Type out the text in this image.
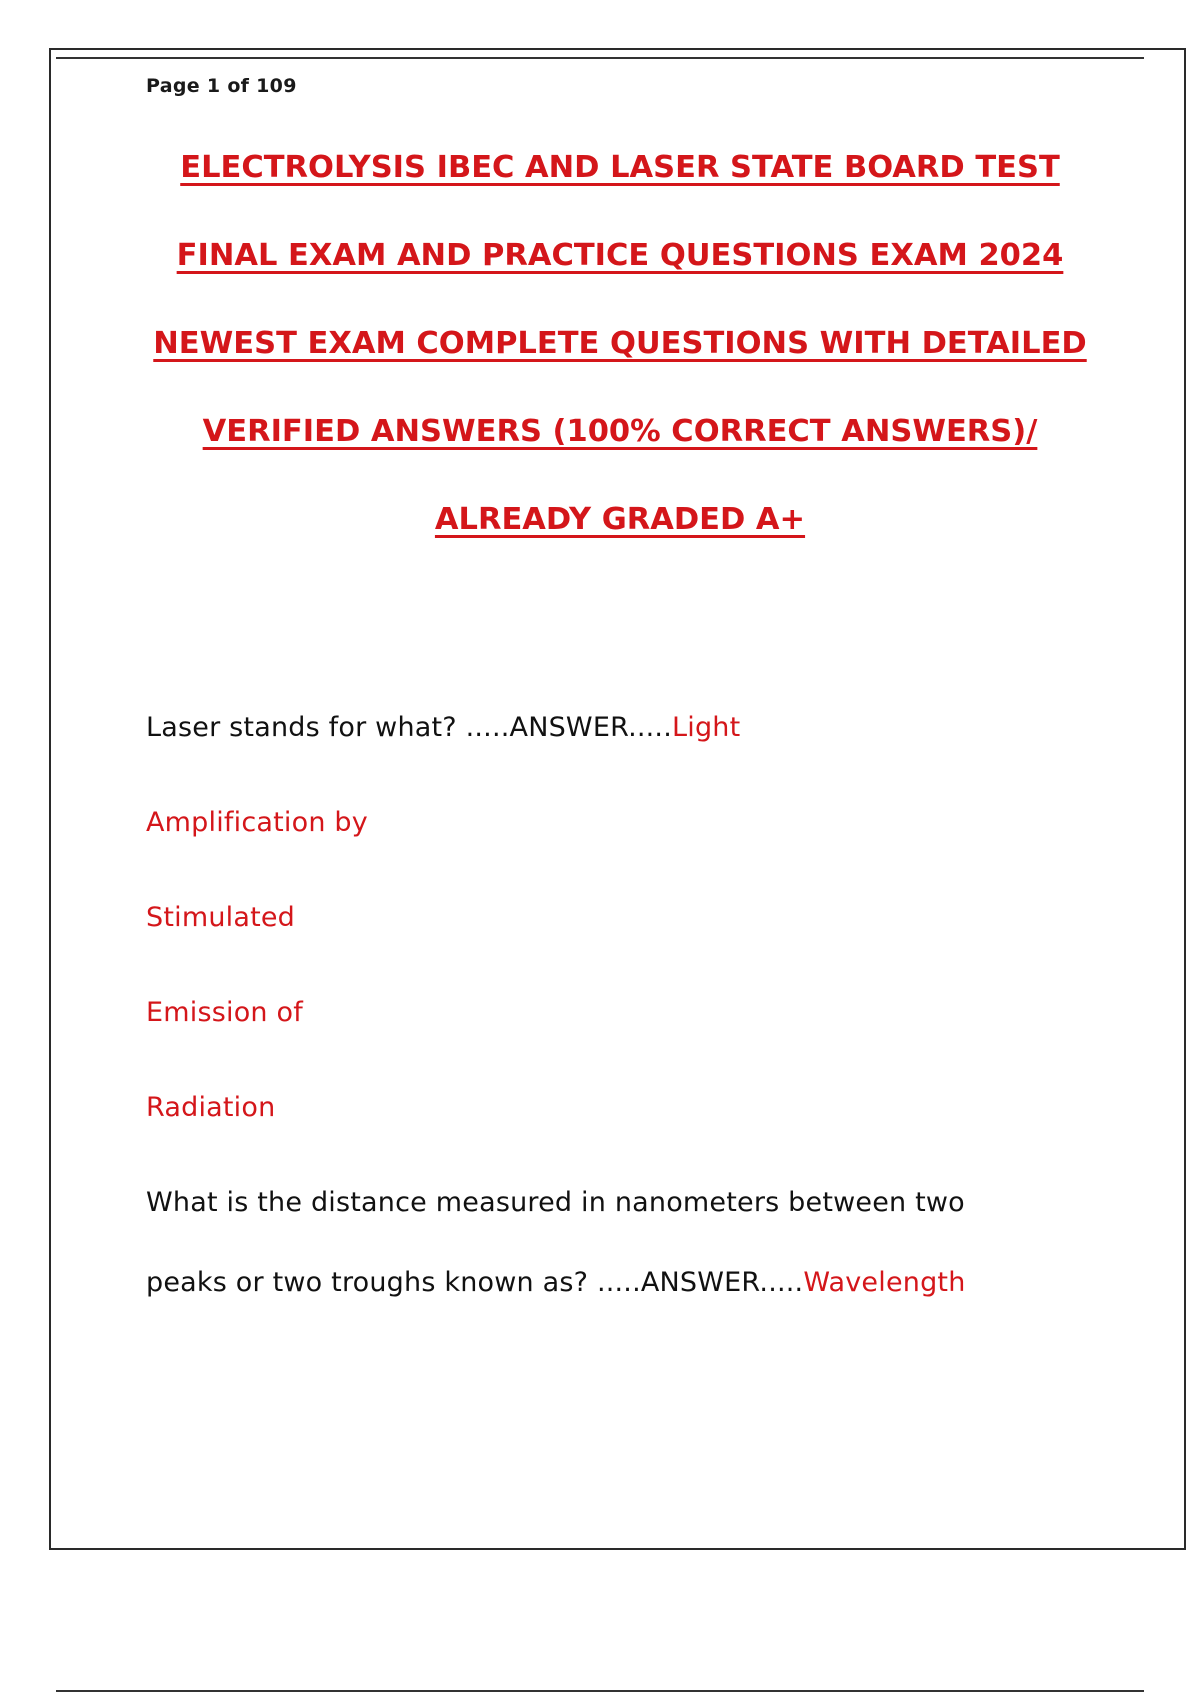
Page 1 of 109
ELECTROLYSIS IBEC AND LASER STATE BOARD TEST
FINAL EXAM AND PRACTICE QUESTIONS EXAM 2024
NEWEST EXAM COMPLETE QUESTIONS WITH DETAILED
VERIFIED ANSWERS (100% CORRECT ANSWERS)/
ALREADY GRADED A+
Laser stands for what? .....ANSWER.....Light
Amplification by
Stimulated
Emission of
Radiation
What is the distance measured in nanometers between two
peaks or two troughs known as? .....ANSWER.....Wavelength
